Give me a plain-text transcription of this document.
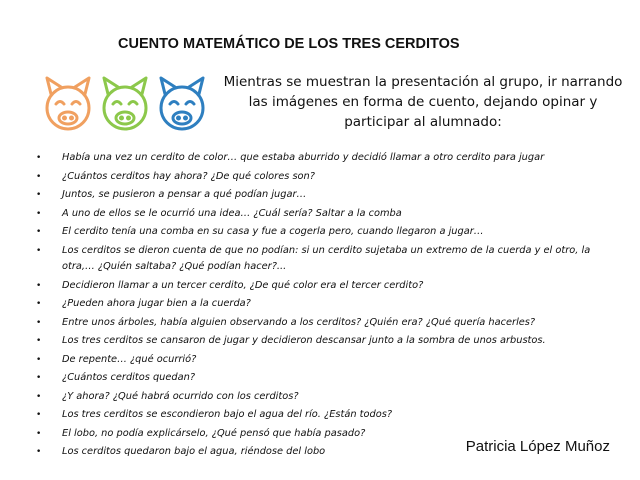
CUENTO MATEMÁTICO DE LOS TRES CERDITOS
Mientras se muestran la presentación al grupo, ir narrando las imágenes en forma de cuento, dejando opinar y participar al alumnado:
• Había una vez un cerdito de color… que estaba aburrido y decidió llamar a otro cerdito para jugar
• ¿Cuántos cerditos hay ahora? ¿De qué colores son?
• Juntos, se pusieron a pensar a qué podían jugar…
• A uno de ellos se le ocurrió una idea… ¿Cuál sería? Saltar a la comba
• El cerdito tenía una comba en su casa y fue a cogerla pero, cuando llegaron a jugar…
• Los cerditos se dieron cuenta de que no podían: si un cerdito sujetaba un extremo de la cuerda y el otro, la otra,… ¿Quién saltaba? ¿Qué podían hacer?...
• Decidieron llamar a un tercer cerdito, ¿De qué color era el tercer cerdito?
• ¿Pueden ahora jugar bien a la cuerda?
• Entre unos árboles, había alguien observando a los cerditos? ¿Quién era? ¿Qué quería hacerles?
• Los tres cerditos se cansaron de jugar y decidieron descansar junto a la sombra de unos arbustos.
• De repente… ¿qué ocurrió?
• ¿Cuántos cerditos quedan?
• ¿Y ahora? ¿Qué habrá ocurrido con los cerditos?
• Los tres cerditos se escondieron bajo el agua del río. ¿Están todos?
• El lobo, no podía explicárselo, ¿Qué pensó que había pasado?
• Los cerditos quedaron bajo el agua, riéndose del lobo	Patricia López Muñoz
